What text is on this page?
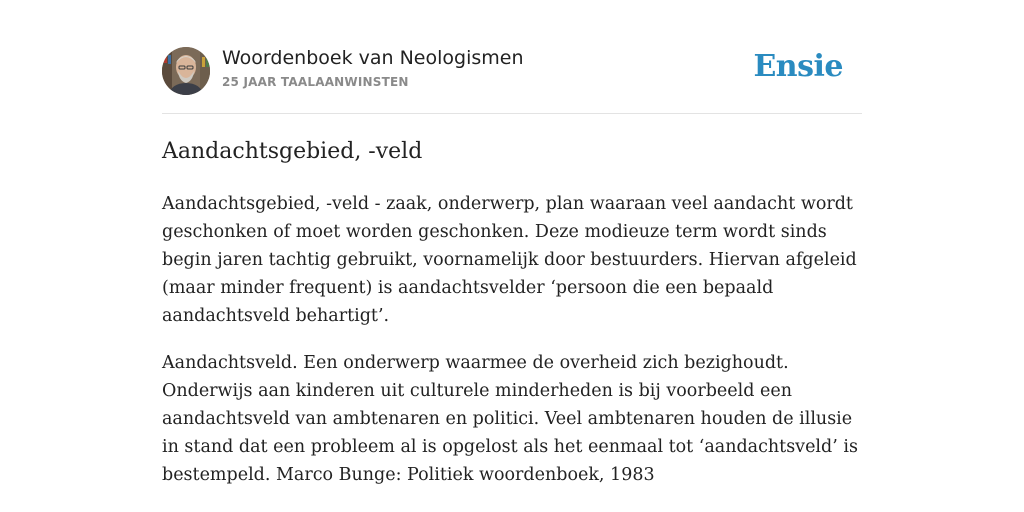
Woordenboek van Neologismen
25 JAAR TAALAANWINSTEN	Ensie
Aandachtsgebied, -veld

Aandachtsgebied, -veld - zaak, onderwerp, plan waaraan veel aandacht wordt geschonken of moet worden geschonken. Deze modieuze term wordt sinds begin jaren tachtig gebruikt, voornamelijk door bestuurders. Hiervan afgeleid (maar minder frequent) is aandachtsvelder ‘persoon die een bepaald aandachtsveld behartigt’.

Aandachtsveld. Een onderwerp waarmee de overheid zich bezighoudt. Onderwijs aan kinderen uit culturele minderheden is bij voorbeeld een aandachtsveld van ambtenaren en politici. Veel ambtenaren houden de illusie in stand dat een probleem al is opgelost als het eenmaal tot ‘aandachtsveld’ is bestempeld. Marco Bunge: Politiek woordenboek, 1983
